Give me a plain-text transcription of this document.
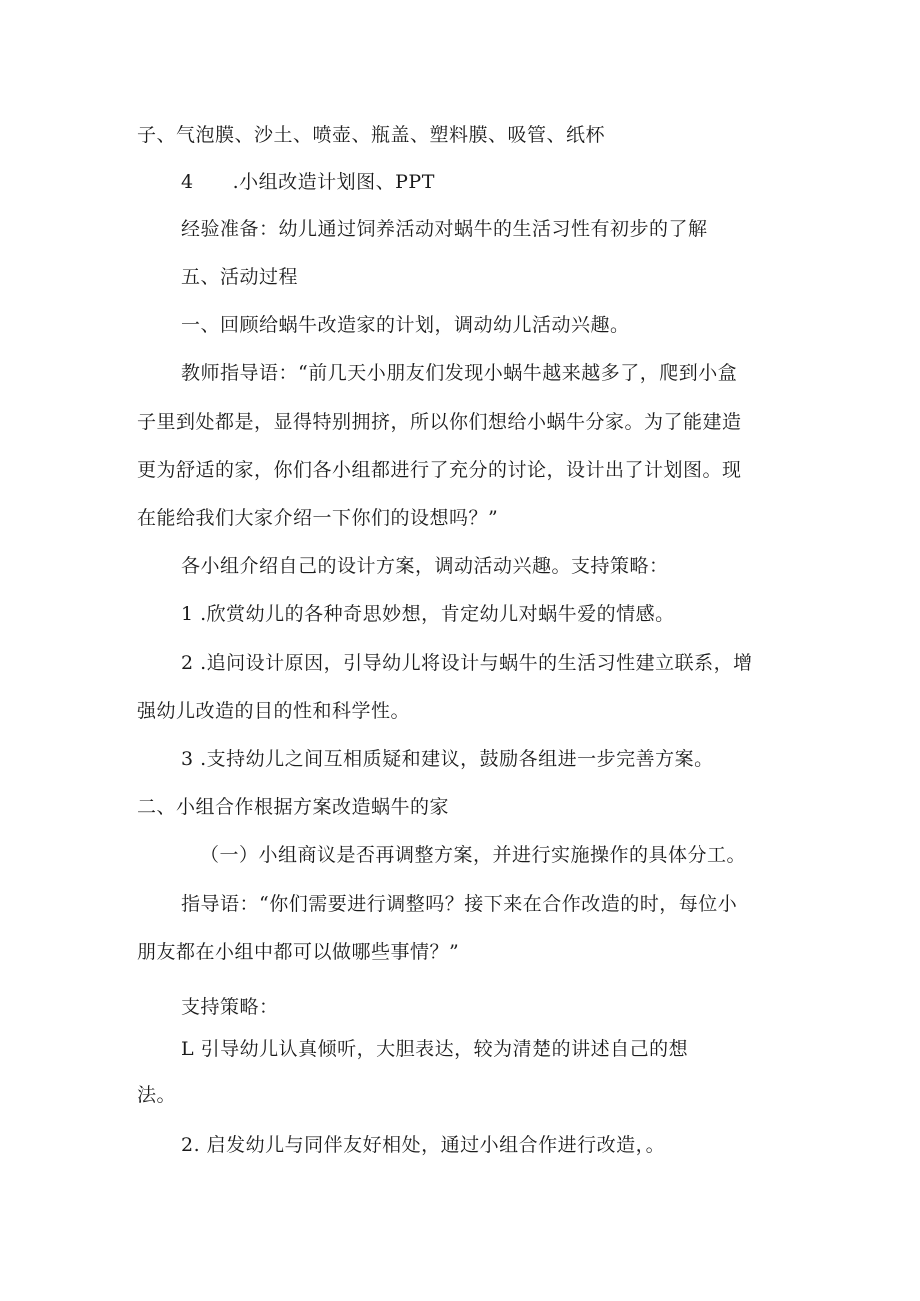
子、气泡膜、沙土、喷壶、瓶盖、塑料膜、吸管、纸杯
4　　.小组改造计划图、PPT
经验准备：幼儿通过饲养活动对蜗牛的生活习性有初步的了解
五、活动过程
一、回顾给蜗牛改造家的计划，调动幼儿活动兴趣。
教师指导语：“前几天小朋友们发现小蜗牛越来越多了，爬到小盒
子里到处都是，显得特别拥挤，所以你们想给小蜗牛分家。为了能建造
更为舒适的家，你们各小组都进行了充分的讨论，设计出了计划图。现
在能给我们大家介绍一下你们的设想吗？”
各小组介绍自己的设计方案，调动活动兴趣。支持策略：
1 .欣赏幼儿的各种奇思妙想，肯定幼儿对蜗牛爱的情感。
2 .追问设计原因，引导幼儿将设计与蜗牛的生活习性建立联系，增
强幼儿改造的目的性和科学性。
3 .支持幼儿之间互相质疑和建议，鼓励各组进一步完善方案。
二、小组合作根据方案改造蜗牛的家
（一）小组商议是否再调整方案，并进行实施操作的具体分工。
指导语：“你们需要进行调整吗？接下来在合作改造的时，每位小
朋友都在小组中都可以做哪些事情？”
支持策略：
L 引导幼儿认真倾听，大胆表达，较为清楚的讲述自己的想
法。
2. 启发幼儿与同伴友好相处，通过小组合作进行改造，。
